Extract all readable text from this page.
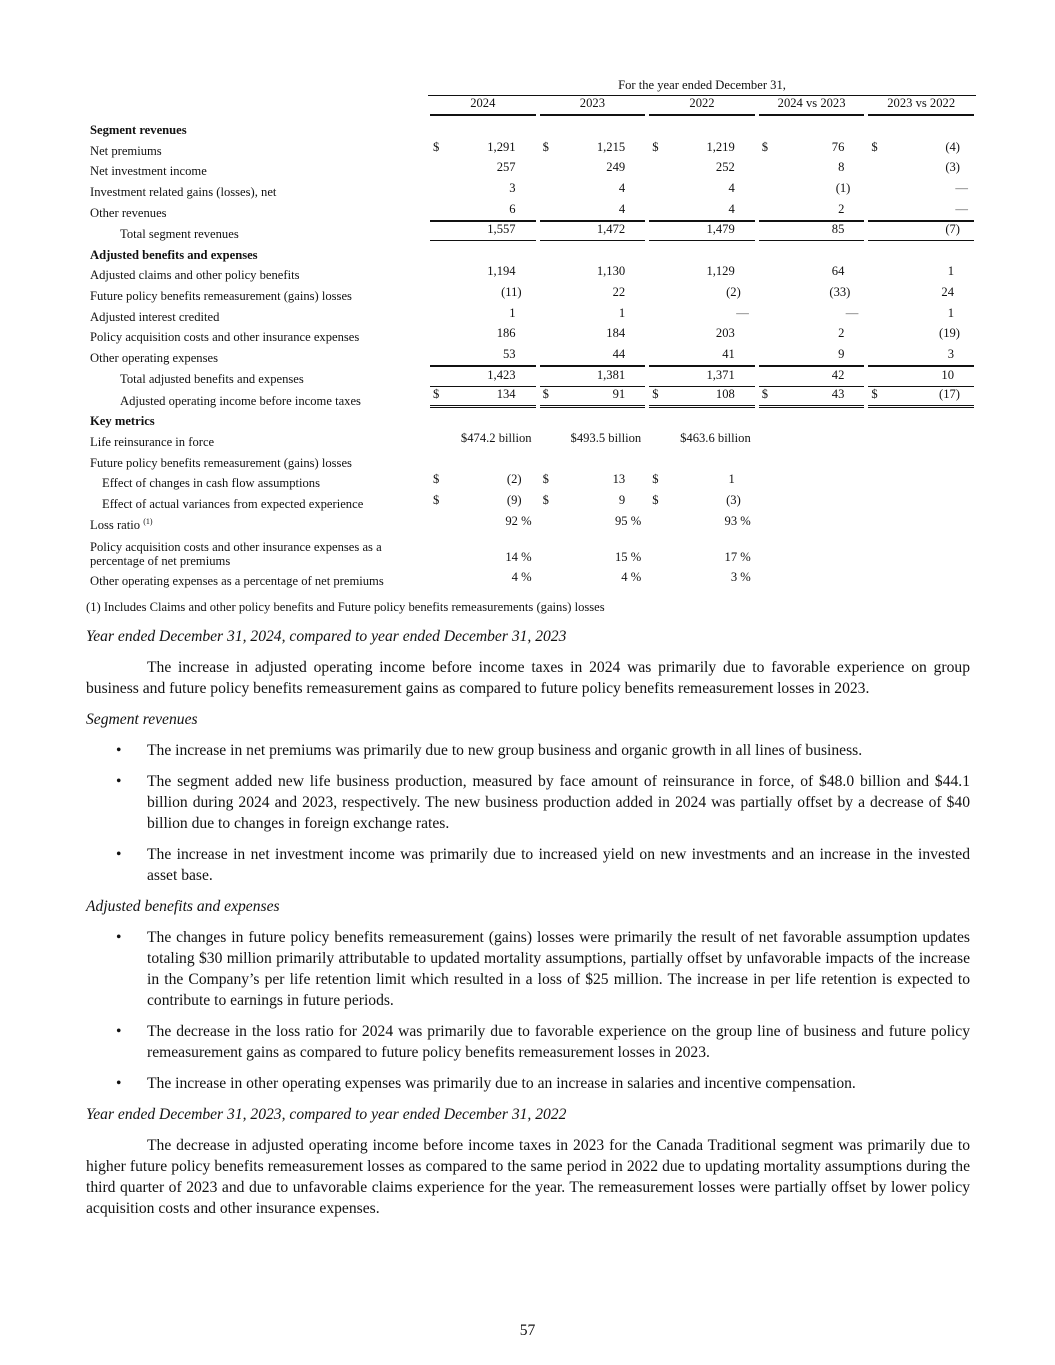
	For the year ended December 31,				

	2024	2023	2022	2024 vs 2023	2023 vs 2022

Segment revenues					
Net premiums	$ 1,291	$ 1,215	$ 1,219	$ 76	$ (4)

Net investment income	257	249	252	8	(3)

Investment related gains (losses), net	3	4	4	(1)	—

Other revenues	6	4	4	2	—

Total segment revenues	1,557	1,472	1,479	85	(7)

Adjusted benefits and expenses					
Adjusted claims and other policy benefits	1,194	1,130	1,129	64	1

Future policy benefits remeasurement (gains) losses	(11)	22	(2)	(33)	24

Adjusted interest credited	1	1	—	—	1

Policy acquisition costs and other insurance expenses	186	184	203	2	(19)

Other operating expenses	53	44	41	9	3

Total adjusted benefits and expenses	1,423	1,381	1,371	42	10

Adjusted operating income before income taxes	$ 134	$ 91	$ 108	$ 43	$ (17)

Key metrics					
Life reinsurance in force	$474.2 billion	$493.5 billion	$463.6 billion		

Future policy benefits remeasurement (gains) losses	

Effect of changes in cash flow assumptions	$ (2)	$ 13	$ 1		

Effect of actual variances from expected experience	$ (9)	$ 9	$ (3)		

Loss ratio $^{(1)}$	92 %	95 %	93 %		

Policy acquisition costs and other insurance expenses as a percentage of net premiums	14 %	15 %	17 %		

Other operating expenses as a percentage of net premiums	4 %	4 %	3 %		

(1) Includes Claims and other policy benefits and Future policy benefits remeasurements (gains) losses

Year ended December 31, 2024, compared to year ended December 31, 2023

The increase in adjusted operating income before income taxes in 2024 was primarily due to favorable experience on group business and future policy benefits remeasurement gains as compared to future policy benefits remeasurement losses in 2023.

Segment revenues

• The increase in net premiums was primarily due to new group business and organic growth in all lines of business.
• The segment added new life business production, measured by face amount of reinsurance in force, of $48.0 billion and $44.1 billion during 2024 and 2023, respectively. The new business production added in 2024 was partially offset by a decrease of $40 billion due to changes in foreign exchange rates.
• The increase in net investment income was primarily due to increased yield on new investments and an increase in the invested asset base.

Adjusted benefits and expenses

• The changes in future policy benefits remeasurement (gains) losses were primarily the result of net favorable assumption updates totaling $30 million primarily attributable to updated mortality assumptions, partially offset by unfavorable impacts of the increase in the Company’s per life retention limit which resulted in a loss of $25 million. The increase in per life retention is expected to contribute to earnings in future periods.
• The decrease in the loss ratio for 2024 was primarily due to favorable experience on the group line of business and future policy remeasurement gains as compared to future policy benefits remeasurement losses in 2023.
• The increase in other operating expenses was primarily due to an increase in salaries and incentive compensation.

Year ended December 31, 2023, compared to year ended December 31, 2022

The decrease in adjusted operating income before income taxes in 2023 for the Canada Traditional segment was primarily due to higher future policy benefits remeasurement losses as compared to the same period in 2022 due to updating mortality assumptions during the third quarter of 2023 and due to unfavorable claims experience for the year. The remeasurement losses were partially offset by lower policy acquisition costs and other insurance expenses.

57
